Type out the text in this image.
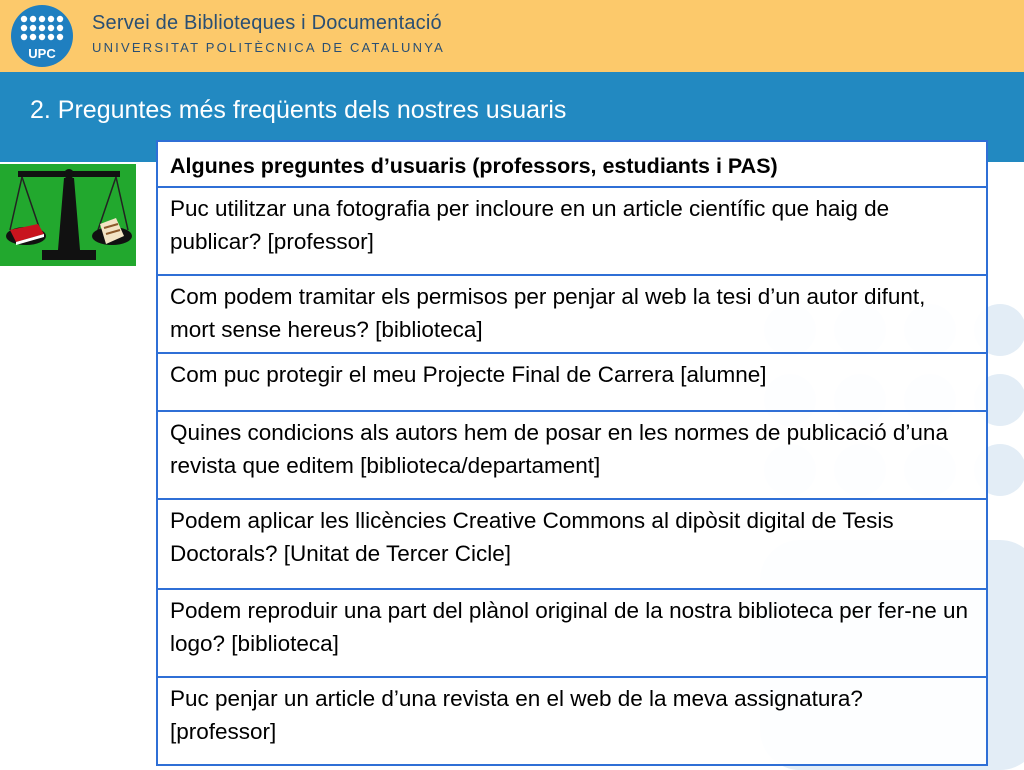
UPC
Servei de Biblioteques i Documentació
UNIVERSITAT POLITÈCNICA DE CATALUNYA
2. Preguntes més freqüents dels nostres usuaris
Algunes preguntes d’usuaris (professors, estudiants i PAS)
Puc utilitzar una fotografia per incloure en un article científic que haig de publicar? [professor]
Com podem tramitar els permisos per penjar al web la tesi d’un autor difunt, mort sense hereus? [biblioteca]
Com puc protegir el meu Projecte Final de Carrera [alumne]
Quines condicions als autors hem de posar en les normes de publicació d’una revista que editem [biblioteca/departament]
Podem aplicar les llicències Creative Commons al dipòsit digital de Tesis Doctorals? [Unitat de Tercer Cicle]
Podem reproduir una part del plànol original de la nostra biblioteca per fer-ne un logo? [biblioteca]
Puc penjar un article d’una revista en el web de la meva assignatura? [professor]
